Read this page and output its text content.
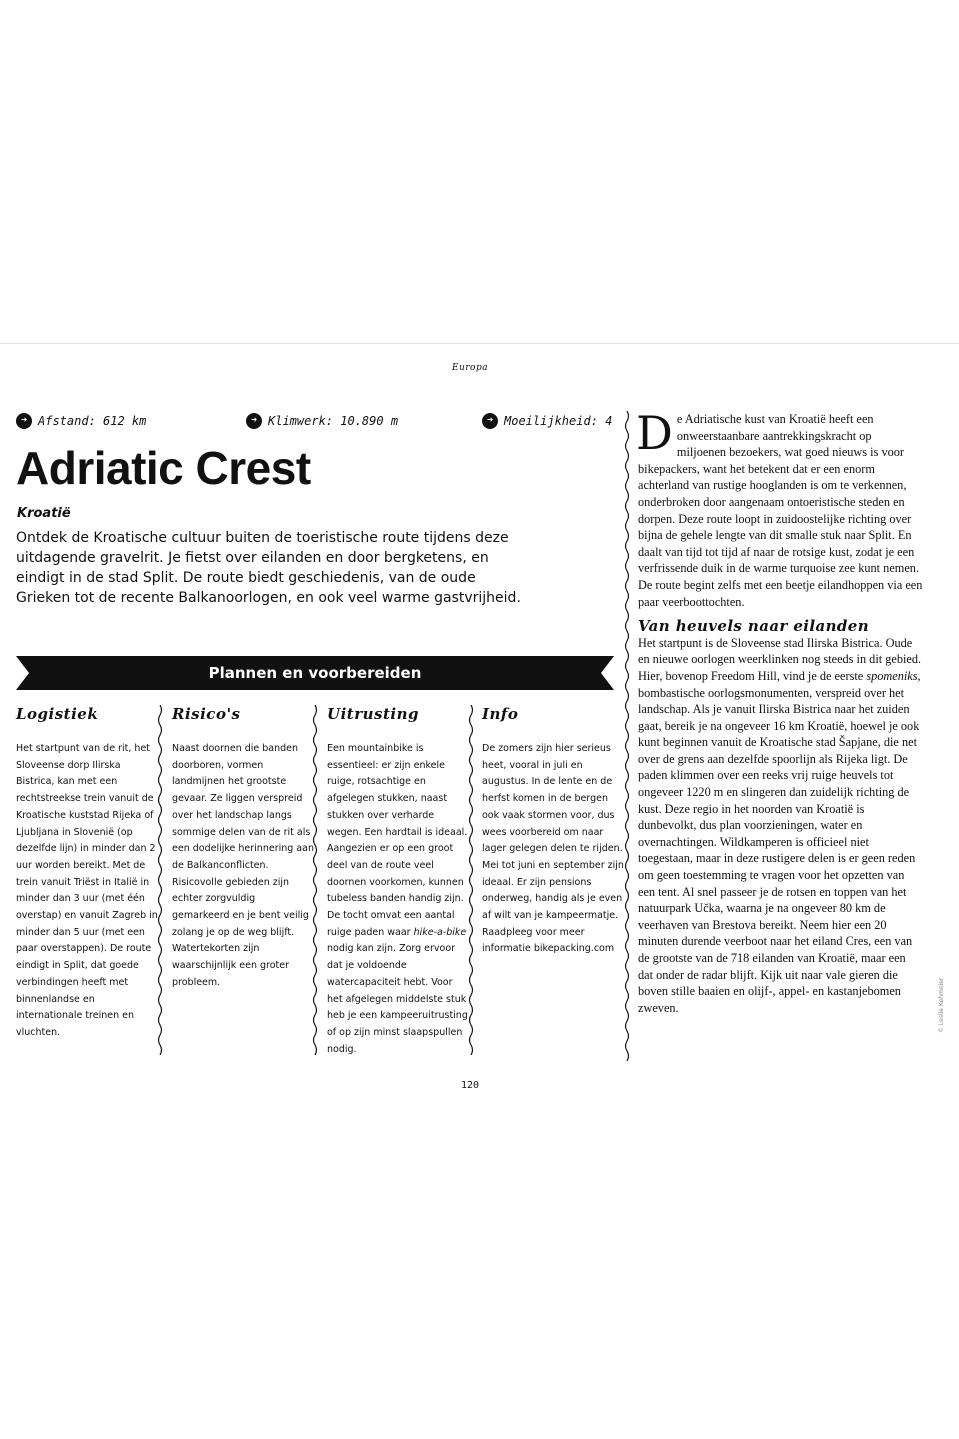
Europa
➜ Afstand: 612 km	➜ Klimwerk: 10.890 m	➜ Moeilijkheid: 4
Adriatic Crest
Kroatië
Ontdek de Kroatische cultuur buiten de toeristische route tijdens deze uitdagende gravelrit. Je fietst over eilanden en door bergketens, en eindigt in de stad Split. De route biedt geschiedenis, van de oude Grieken tot de recente Balkanoorlogen, en ook veel warme gastvrijheid.
Plannen en voorbereiden
Logistiek
Het startpunt van de rit, het Sloveense dorp Ilirska Bistrica, kan met een rechtstreekse trein vanuit de Kroatische kuststad Rijeka of Ljubljana in Slovenië (op dezelfde lijn) in minder dan 2 uur worden bereikt. Met de trein vanuit Triëst in Italië in minder dan 3 uur (met één overstap) en vanuit Zagreb in minder dan 5 uur (met een paar overstappen). De route eindigt in Split, dat goede verbindingen heeft met binnenlandse en internationale treinen en vluchten.
Risico's
Naast doornen die banden doorboren, vormen landmijnen het grootste gevaar. Ze liggen verspreid over het landschap langs sommige delen van de rit als een dodelijke herinnering aan de Balkanconflicten. Risicovolle gebieden zijn echter zorgvuldig gemarkeerd en je bent veilig zolang je op de weg blijft. Watertekorten zijn waarschijnlijk een groter probleem.
Uitrusting
Een mountainbike is essentieel: er zijn enkele ruige, rotsachtige en afgelegen stukken, naast stukken over verharde wegen. Een hardtail is ideaal. Aangezien er op een groot deel van de route veel doornen voorkomen, kunnen tubeless banden handig zijn. De tocht omvat een aantal ruige paden waar hike-a-bike nodig kan zijn. Zorg ervoor dat je voldoende watercapaciteit hebt. Voor het afgelegen middelste stuk heb je een kampeeruitrusting of op zijn minst slaapspullen nodig.
Info
De zomers zijn hier serieus heet, vooral in juli en augustus. In de lente en de herfst komen in de bergen ook vaak stormen voor, dus wees voorbereid om naar lager gelegen delen te rijden. Mei tot juni en september zijn ideaal. Er zijn pensions onderweg, handig als je even af wilt van je kampeermatje. Raadpleeg voor meer informatie bikepacking.com
120

De Adriatische kust van Kroatië heeft een onweerstaanbare aantrekkingskracht op miljoenen bezoekers, wat goed nieuws is voor bikepackers, want het betekent dat er een enorm achterland van rustige hooglanden is om te verkennen, onderbroken door aangenaam ontoeristische steden en dorpen. Deze route loopt in zuidoostelijke richting over bijna de gehele lengte van dit smalle stuk naar Split. En daalt van tijd tot tijd af naar de rotsige kust, zodat je een verfrissende duik in de warme turquoise zee kunt nemen. De route begint zelfs met een beetje eilandhoppen via een paar veerboottochten.

Van heuvels naar eilanden

Het startpunt is de Sloveense stad Ilirska Bistrica. Oude en nieuwe oorlogen weerklinken nog steeds in dit gebied. Hier, bovenop Freedom Hill, vind je de eerste spomeniks, bombastische oorlogsmonumenten, verspreid over het landschap. Als je vanuit Ilirska Bistrica naar het zuiden gaat, bereik je na ongeveer 16 km Kroatië, hoewel je ook kunt beginnen vanuit de Kroatische stad Šapjane, die net over de grens aan dezelfde spoorlijn als Rijeka ligt. De paden klimmen over een reeks vrij ruige heuvels tot ongeveer 1220 m en slingeren dan zuidelijk richting de kust. Deze regio in het noorden van Kroatië is dunbevolkt, dus plan voorzieningen, water en overnachtingen. Wildkamperen is officieel niet toegestaan, maar in deze rustigere delen is er geen reden om geen toestemming te vragen voor het opzetten van een tent. Al snel passeer je de rotsen en toppen van het natuurpark Učka, waarna je na ongeveer 80 km de veerhaven van Brestova bereikt. Neem hier een 20 minuten durende veerboot naar het eiland Cres, een van de grootste van de 718 eilanden van Kroatië, maar een dat onder de radar blijft. Kijk uit naar vale gieren die boven stille baaien en olijf-, appel- en kastanjebomen zweven.	© Leslie Kehmeier
